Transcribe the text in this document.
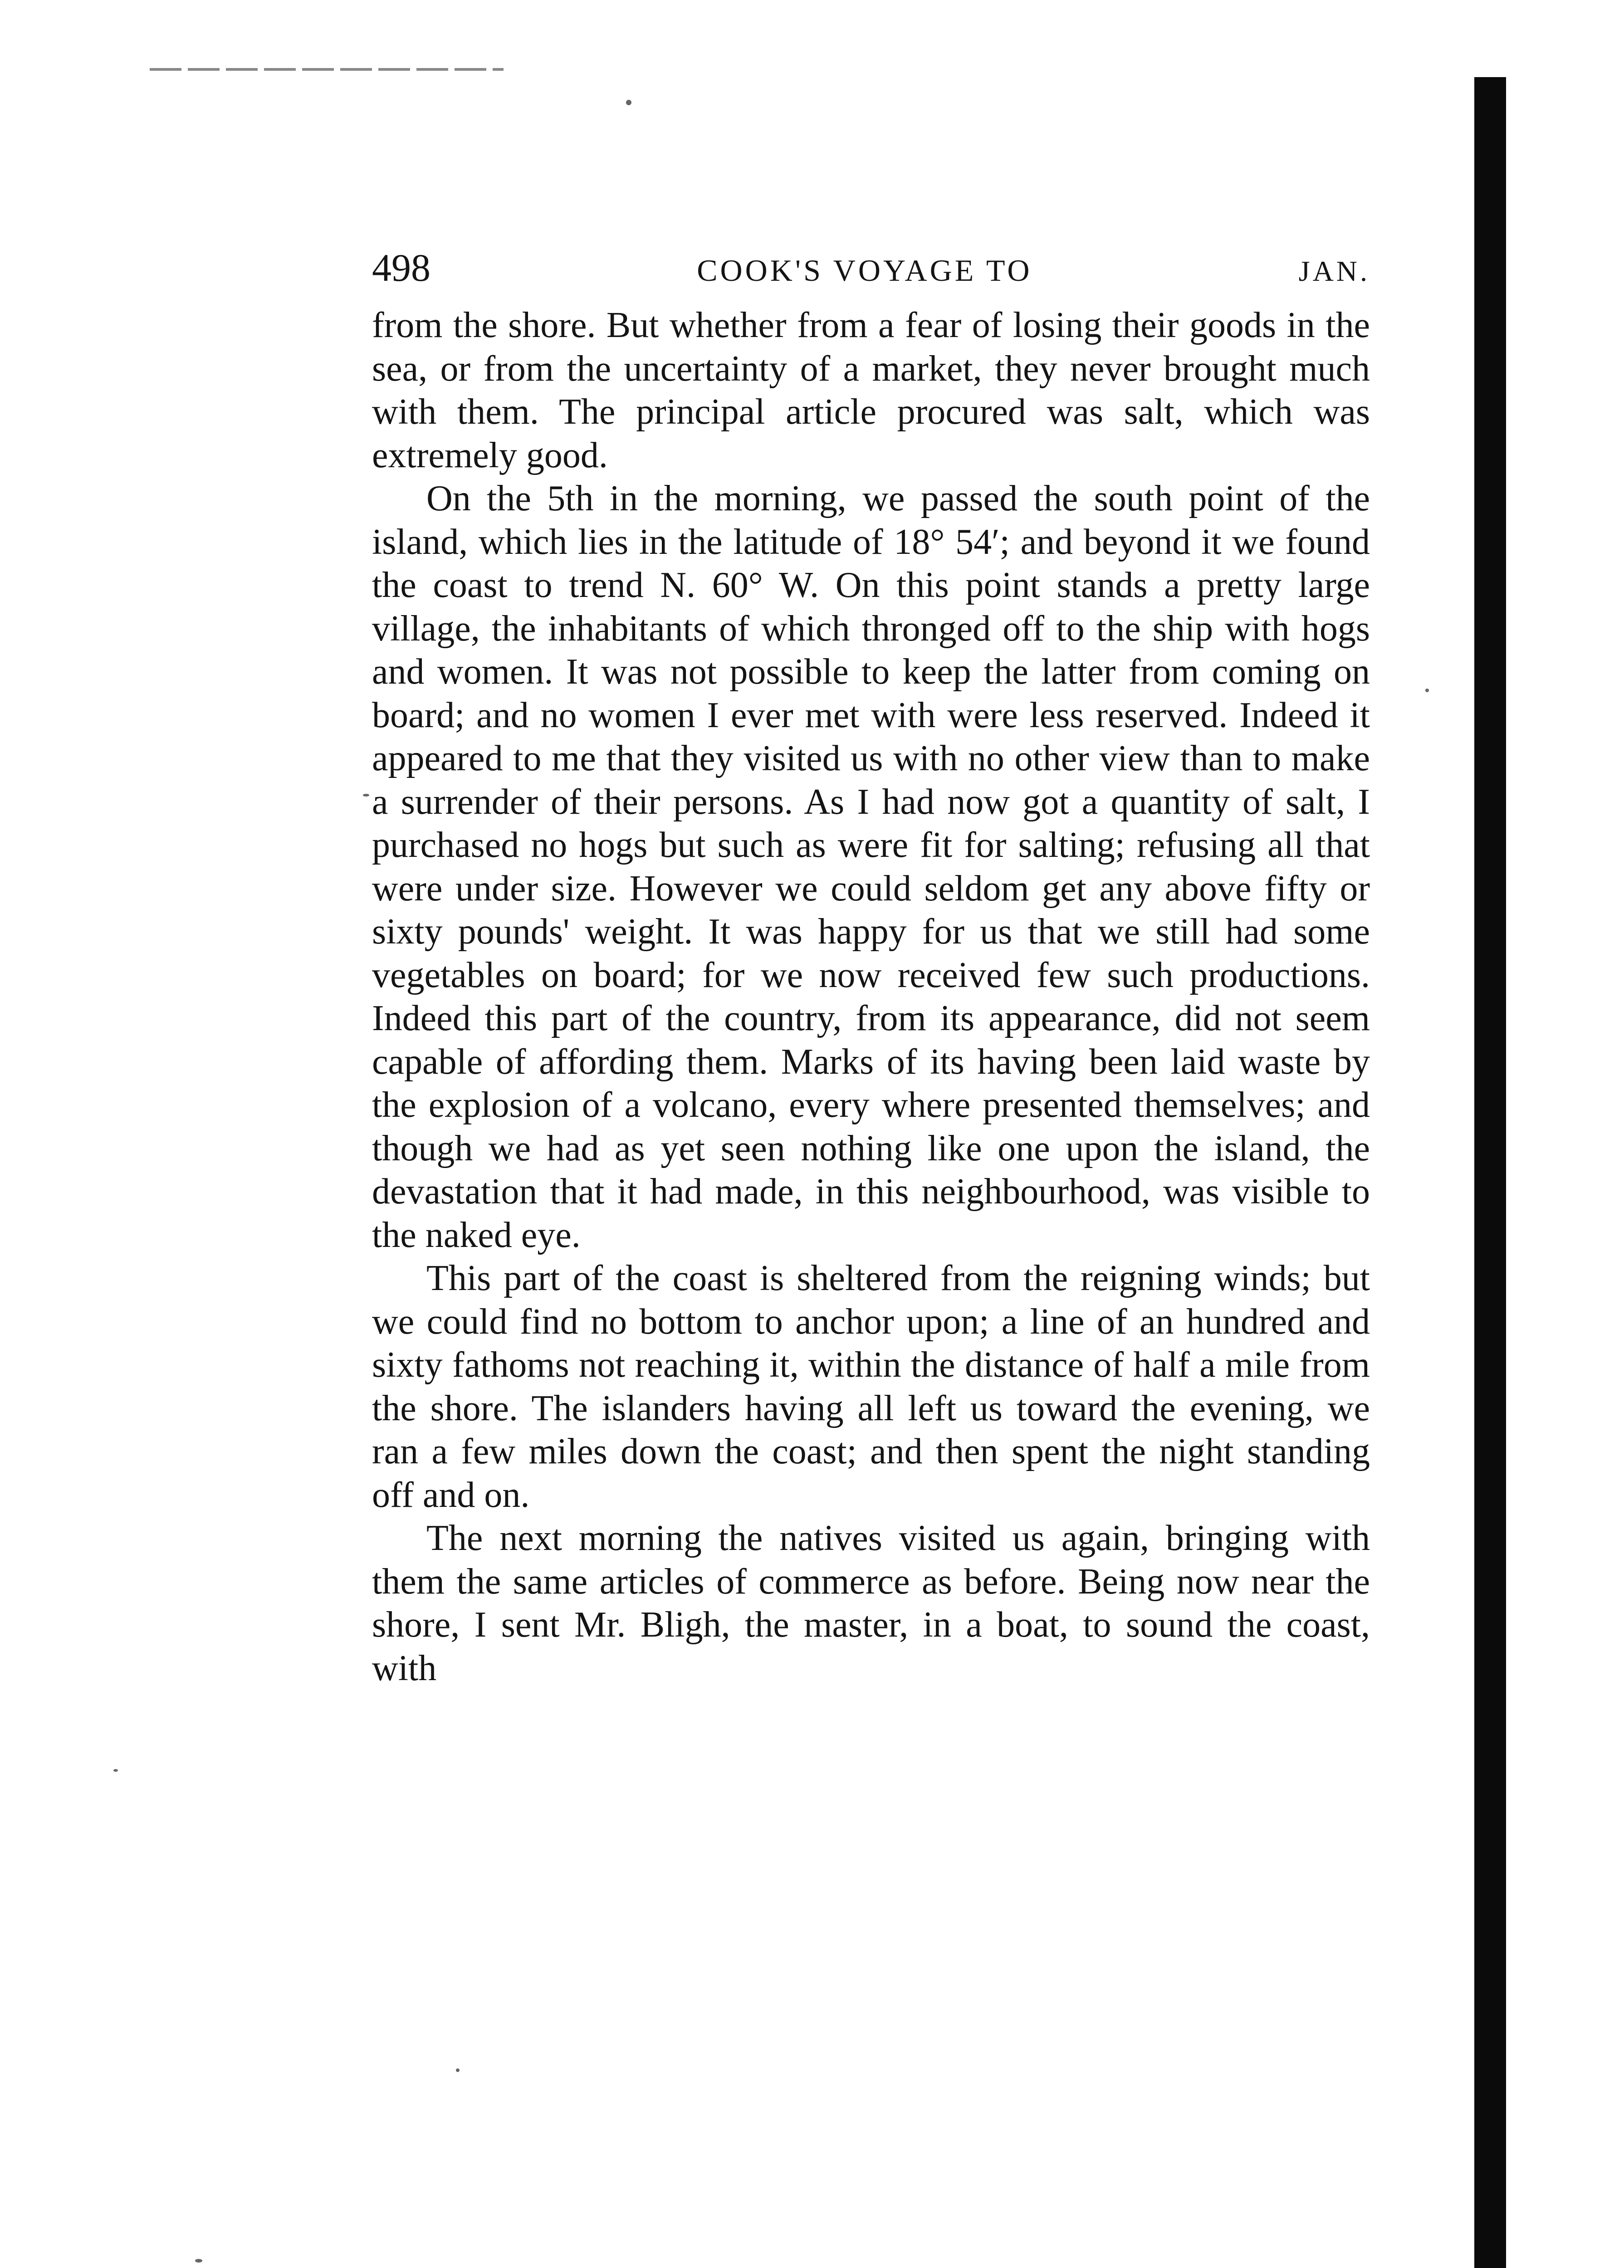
498	COOK'S VOYAGE TO	JAN.

from the shore. But whether from a fear of losing their goods in the sea, or from the uncertainty of a market, they never brought much with them. The principal article procured was salt, which was extremely good.

On the 5th in the morning, we passed the south point of the island, which lies in the latitude of 18° 54′; and beyond it we found the coast to trend N. 60° W. On this point stands a pretty large village, the inhabitants of which thronged off to the ship with hogs and women. It was not possible to keep the latter from coming on board; and no women I ever met with were less reserved. Indeed it appeared to me that they visited us with no other view than to make a surrender of their persons. As I had now got a quantity of salt, I purchased no hogs but such as were fit for salting; refusing all that were under size. However we could seldom get any above fifty or sixty pounds' weight. It was happy for us that we still had some vegetables on board; for we now received few such productions. Indeed this part of the country, from its appearance, did not seem capable of affording them. Marks of its having been laid waste by the explosion of a volcano, every where presented themselves; and though we had as yet seen nothing like one upon the island, the devastation that it had made, in this neighbourhood, was visible to the naked eye.

This part of the coast is sheltered from the reigning winds; but we could find no bottom to anchor upon; a line of an hundred and sixty fathoms not reaching it, within the distance of half a mile from the shore. The islanders having all left us toward the evening, we ran a few miles down the coast; and then spent the night standing off and on.

The next morning the natives visited us again, bringing with them the same articles of commerce as before. Being now near the shore, I sent Mr. Bligh, the master, in a boat, to sound the coast, with
